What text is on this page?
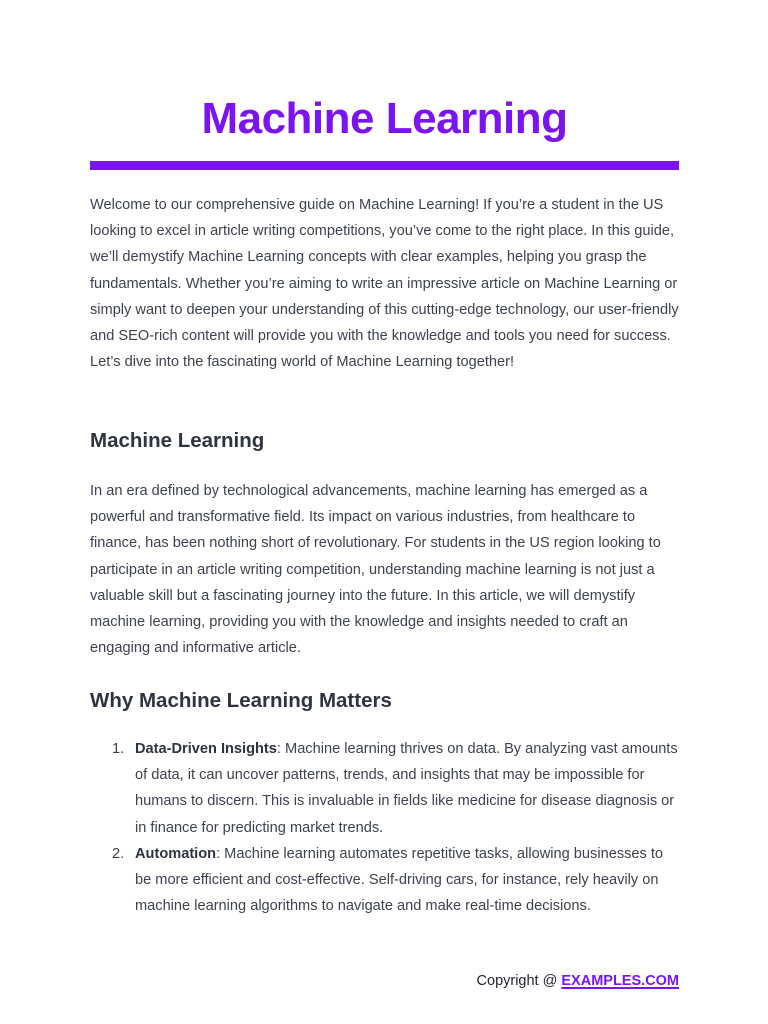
Machine Learning

Welcome to our comprehensive guide on Machine Learning! If you’re a student in the US looking to excel in article writing competitions, you’ve come to the right place. In this guide, we’ll demystify Machine Learning concepts with clear examples, helping you grasp the fundamentals. Whether you’re aiming to write an impressive article on Machine Learning or simply want to deepen your understanding of this cutting-edge technology, our user-friendly and SEO-rich content will provide you with the knowledge and tools you need for success. Let’s dive into the fascinating world of Machine Learning together!

Machine Learning

In an era defined by technological advancements, machine learning has emerged as a powerful and transformative field. Its impact on various industries, from healthcare to finance, has been nothing short of revolutionary. For students in the US region looking to participate in an article writing competition, understanding machine learning is not just a valuable skill but a fascinating journey into the future. In this article, we will demystify machine learning, providing you with the knowledge and insights needed to craft an engaging and informative article.

Why Machine Learning Matters
1. Data-Driven Insights: Machine learning thrives on data. By analyzing vast amounts of data, it can uncover patterns, trends, and insights that may be impossible for humans to discern. This is invaluable in fields like medicine for disease diagnosis or in finance for predicting market trends.
2. Automation: Machine learning automates repetitive tasks, allowing businesses to be more efficient and cost-effective. Self-driving cars, for instance, rely heavily on machine learning algorithms to navigate and make real-time decisions.
Copyright @ EXAMPLES.COM
